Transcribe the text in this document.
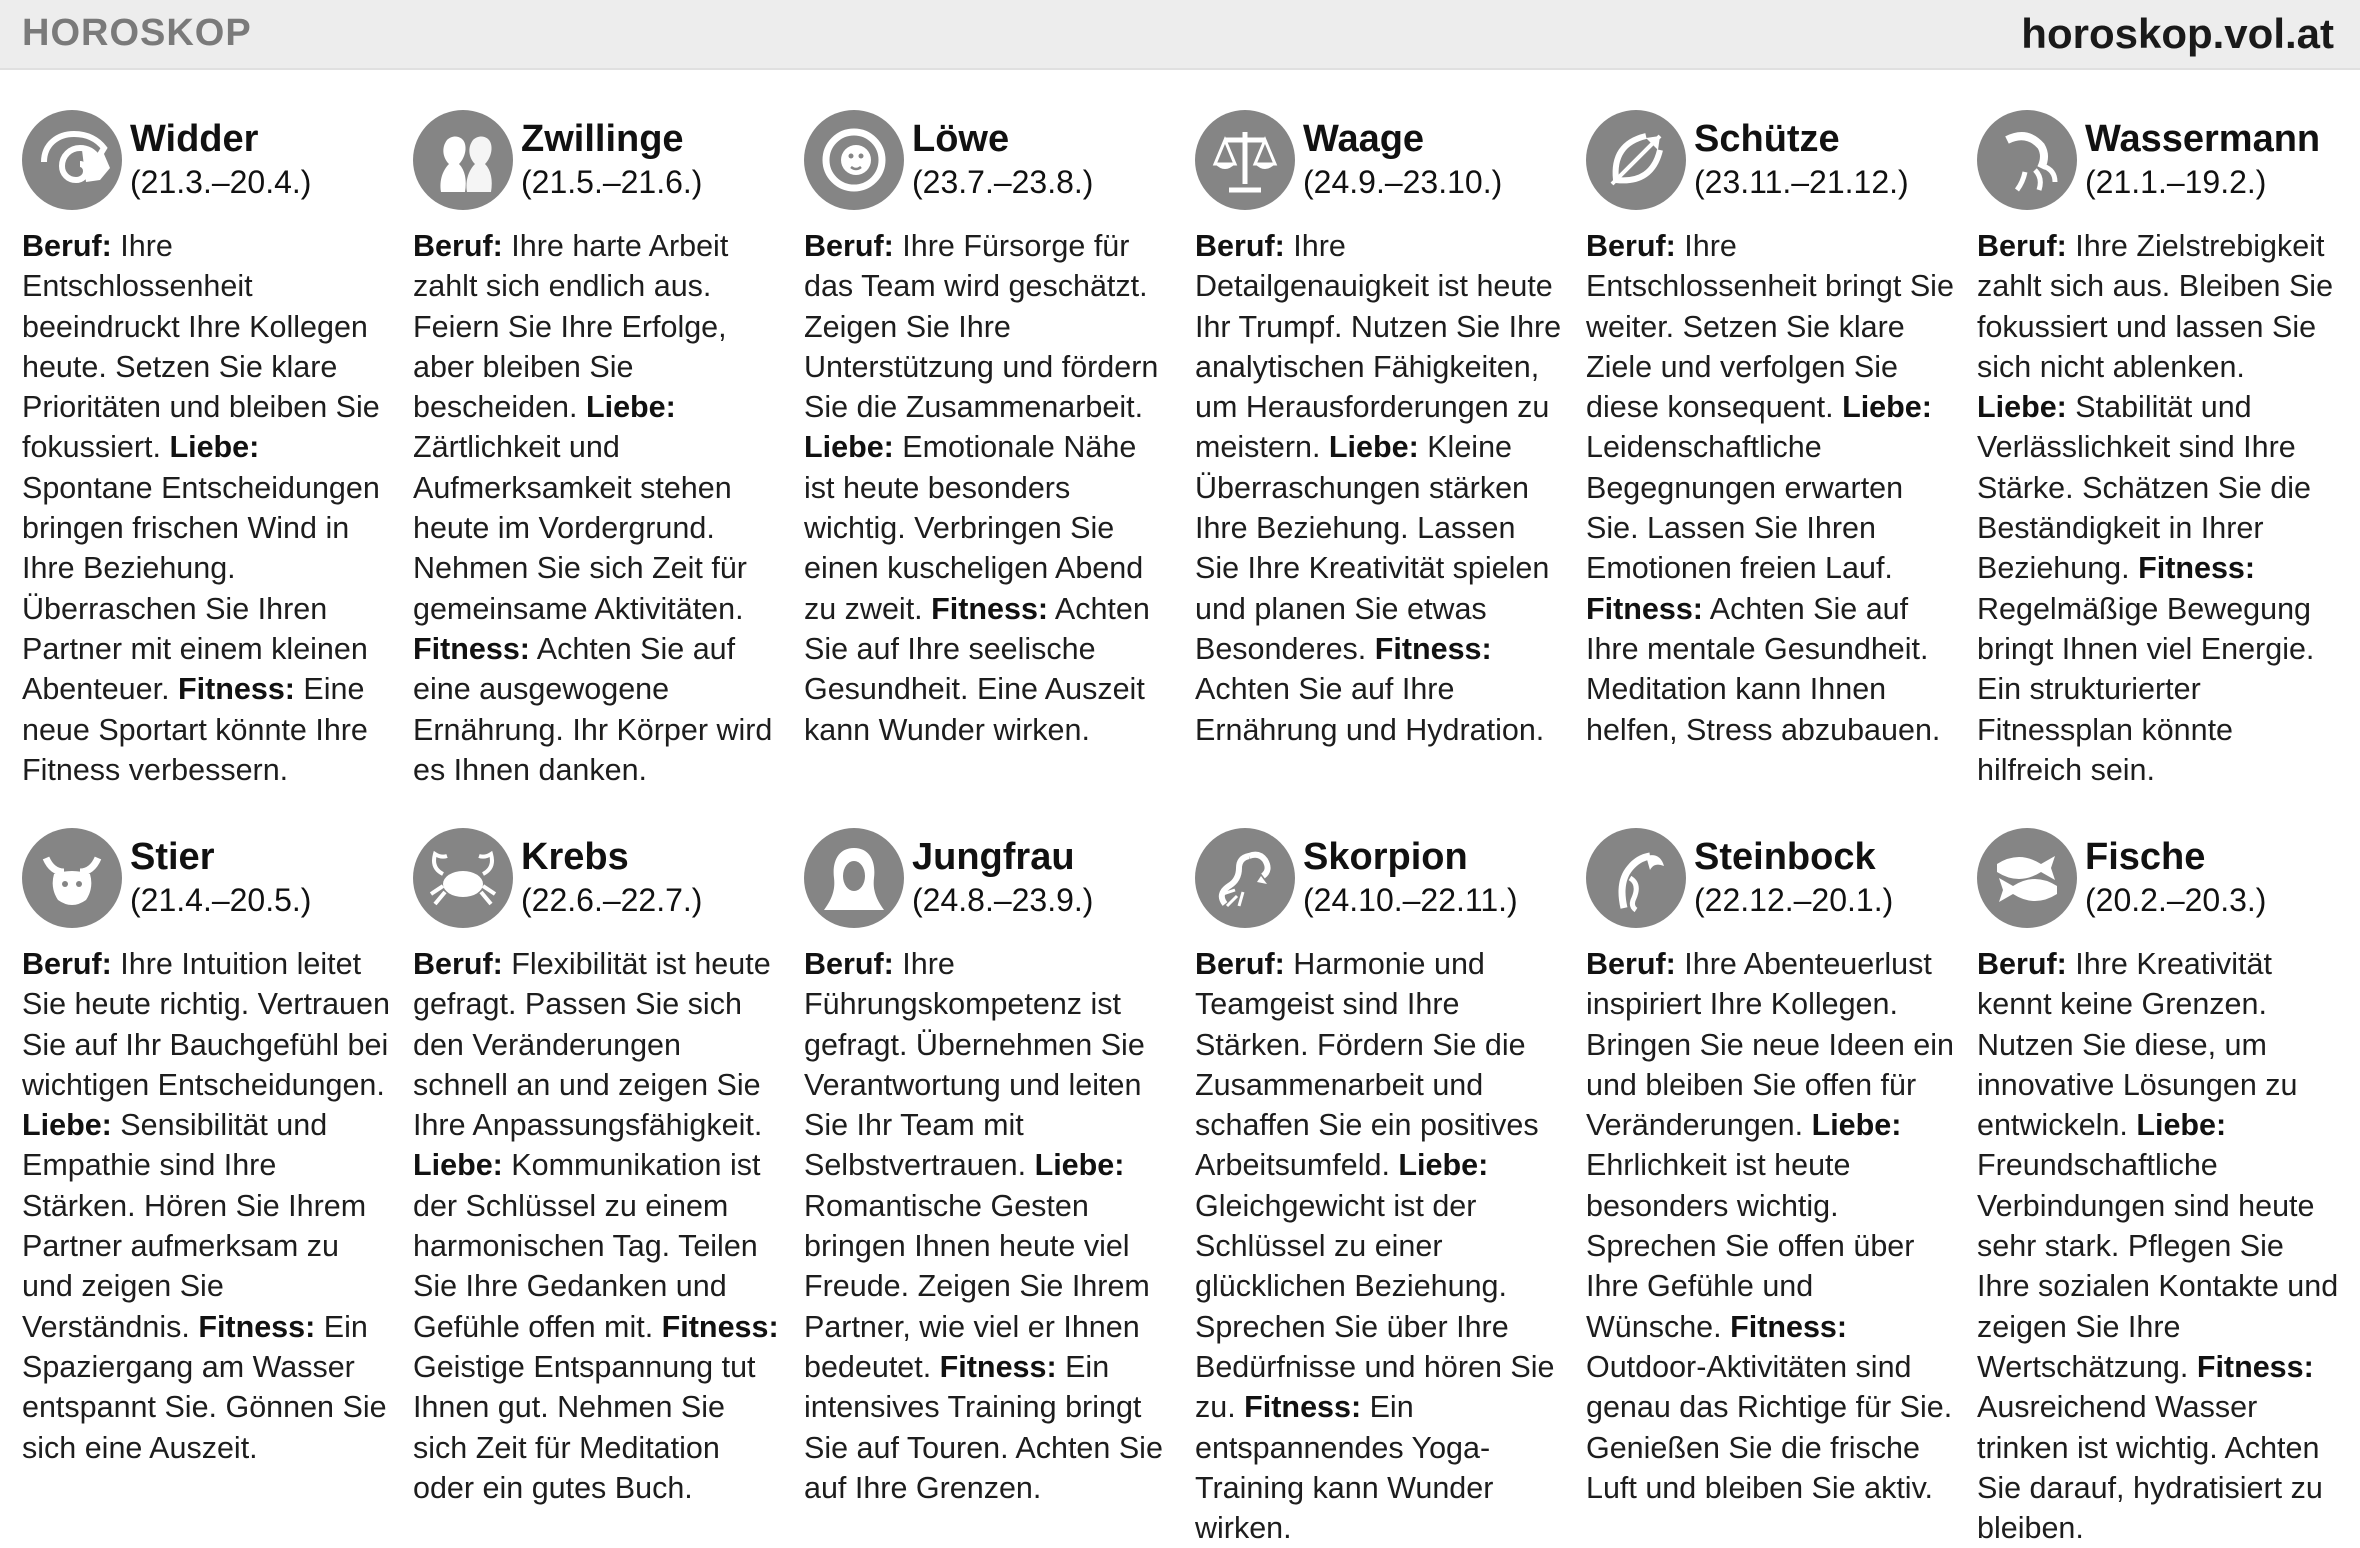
HOROSKOP	horoskop.vol.at
Widder
(21.3.–20.4.)
Beruf: Ihre Entschlossenheit beeindruckt Ihre Kollegen heute. Setzen Sie klare Prioritäten und bleiben Sie fokussiert. Liebe: Spontane Entscheidungen bringen frischen Wind in Ihre Beziehung. Überraschen Sie Ihren Partner mit einem kleinen Abenteuer. Fitness: Eine neue Sportart könnte Ihre Fitness verbessern.
Zwillinge
(21.5.–21.6.)
Beruf: Ihre harte Arbeit zahlt sich endlich aus. Feiern Sie Ihre Erfolge, aber bleiben Sie bescheiden. Liebe: Zärtlichkeit und Aufmerksamkeit stehen heute im Vordergrund. Nehmen Sie sich Zeit für gemeinsame Aktivitäten. Fitness: Achten Sie auf eine ausgewogene Ernährung. Ihr Körper wird es Ihnen danken.
Löwe
(23.7.–23.8.)
Beruf: Ihre Fürsorge für das Team wird geschätzt. Zeigen Sie Ihre Unterstützung und fördern Sie die Zusammenarbeit. Liebe: Emotionale Nähe ist heute besonders wichtig. Verbringen Sie einen kuscheligen Abend zu zweit. Fitness: Achten Sie auf Ihre seelische Gesundheit. Eine Auszeit kann Wunder wirken.
Waage
(24.9.–23.10.)
Beruf: Ihre Detailgenauigkeit ist heute Ihr Trumpf. Nutzen Sie Ihre analytischen Fähigkeiten, um Herausforderungen zu meistern. Liebe: Kleine Überraschungen stärken Ihre Beziehung. Lassen Sie Ihre Kreativität spielen und planen Sie etwas Besonderes. Fitness: Achten Sie auf Ihre Ernährung und Hydration.
Schütze
(23.11.–21.12.)
Beruf: Ihre Entschlossenheit bringt Sie weiter. Setzen Sie klare Ziele und verfolgen Sie diese konsequent. Liebe: Leidenschaftliche Begegnungen erwarten Sie. Lassen Sie Ihren Emotionen freien Lauf. Fitness: Achten Sie auf Ihre mentale Gesundheit. Meditation kann Ihnen helfen, Stress abzubauen.
Wassermann
(21.1.–19.2.)
Beruf: Ihre Zielstrebigkeit zahlt sich aus. Bleiben Sie fokussiert und lassen Sie sich nicht ablenken. Liebe: Stabilität und Verlässlichkeit sind Ihre Stärke. Schätzen Sie die Beständigkeit in Ihrer Beziehung. Fitness: Regelmäßige Bewegung bringt Ihnen viel Energie. Ein strukturierter Fitnessplan könnte hilfreich sein.
Stier
(21.4.–20.5.)
Beruf: Ihre Intuition leitet Sie heute richtig. Vertrauen Sie auf Ihr Bauchgefühl bei wichtigen Entscheidungen. Liebe: Sensibilität und Empathie sind Ihre Stärken. Hören Sie Ihrem Partner aufmerksam zu und zeigen Sie Verständnis. Fitness: Ein Spaziergang am Wasser entspannt Sie. Gönnen Sie sich eine Auszeit.
Krebs
(22.6.–22.7.)
Beruf: Flexibilität ist heute gefragt. Passen Sie sich den Veränderungen schnell an und zeigen Sie Ihre Anpassungsfähigkeit. Liebe: Kommunikation ist der Schlüssel zu einem harmonischen Tag. Teilen Sie Ihre Gedanken und Gefühle offen mit. Fitness: Geistige Entspannung tut Ihnen gut. Nehmen Sie sich Zeit für Meditation oder ein gutes Buch.
Jungfrau
(24.8.–23.9.)
Beruf: Ihre Führungskompetenz ist gefragt. Übernehmen Sie Verantwortung und leiten Sie Ihr Team mit Selbstvertrauen. Liebe: Romantische Gesten bringen Ihnen heute viel Freude. Zeigen Sie Ihrem Partner, wie viel er Ihnen bedeutet. Fitness: Ein intensives Training bringt Sie auf Touren. Achten Sie auf Ihre Grenzen.
Skorpion
(24.10.–22.11.)
Beruf: Harmonie und Teamgeist sind Ihre Stärken. Fördern Sie die Zusammenarbeit und schaffen Sie ein positives Arbeitsumfeld. Liebe: Gleichgewicht ist der Schlüssel zu einer glücklichen Beziehung. Sprechen Sie über Ihre Bedürfnisse und hören Sie zu. Fitness: Ein entspannendes Yoga-Training kann Wunder wirken.
Steinbock
(22.12.–20.1.)
Beruf: Ihre Abenteuerlust inspiriert Ihre Kollegen. Bringen Sie neue Ideen ein und bleiben Sie offen für Veränderungen. Liebe: Ehrlichkeit ist heute besonders wichtig. Sprechen Sie offen über Ihre Gefühle und Wünsche. Fitness: Outdoor-Aktivitäten sind genau das Richtige für Sie. Genießen Sie die frische Luft und bleiben Sie aktiv.
Fische
(20.2.–20.3.)
Beruf: Ihre Kreativität kennt keine Grenzen. Nutzen Sie diese, um innovative Lösungen zu entwickeln. Liebe: Freundschaftliche Verbindungen sind heute sehr stark. Pflegen Sie Ihre sozialen Kontakte und zeigen Sie Ihre Wertschätzung. Fitness: Ausreichend Wasser trinken ist wichtig. Achten Sie darauf, hydratisiert zu bleiben.
